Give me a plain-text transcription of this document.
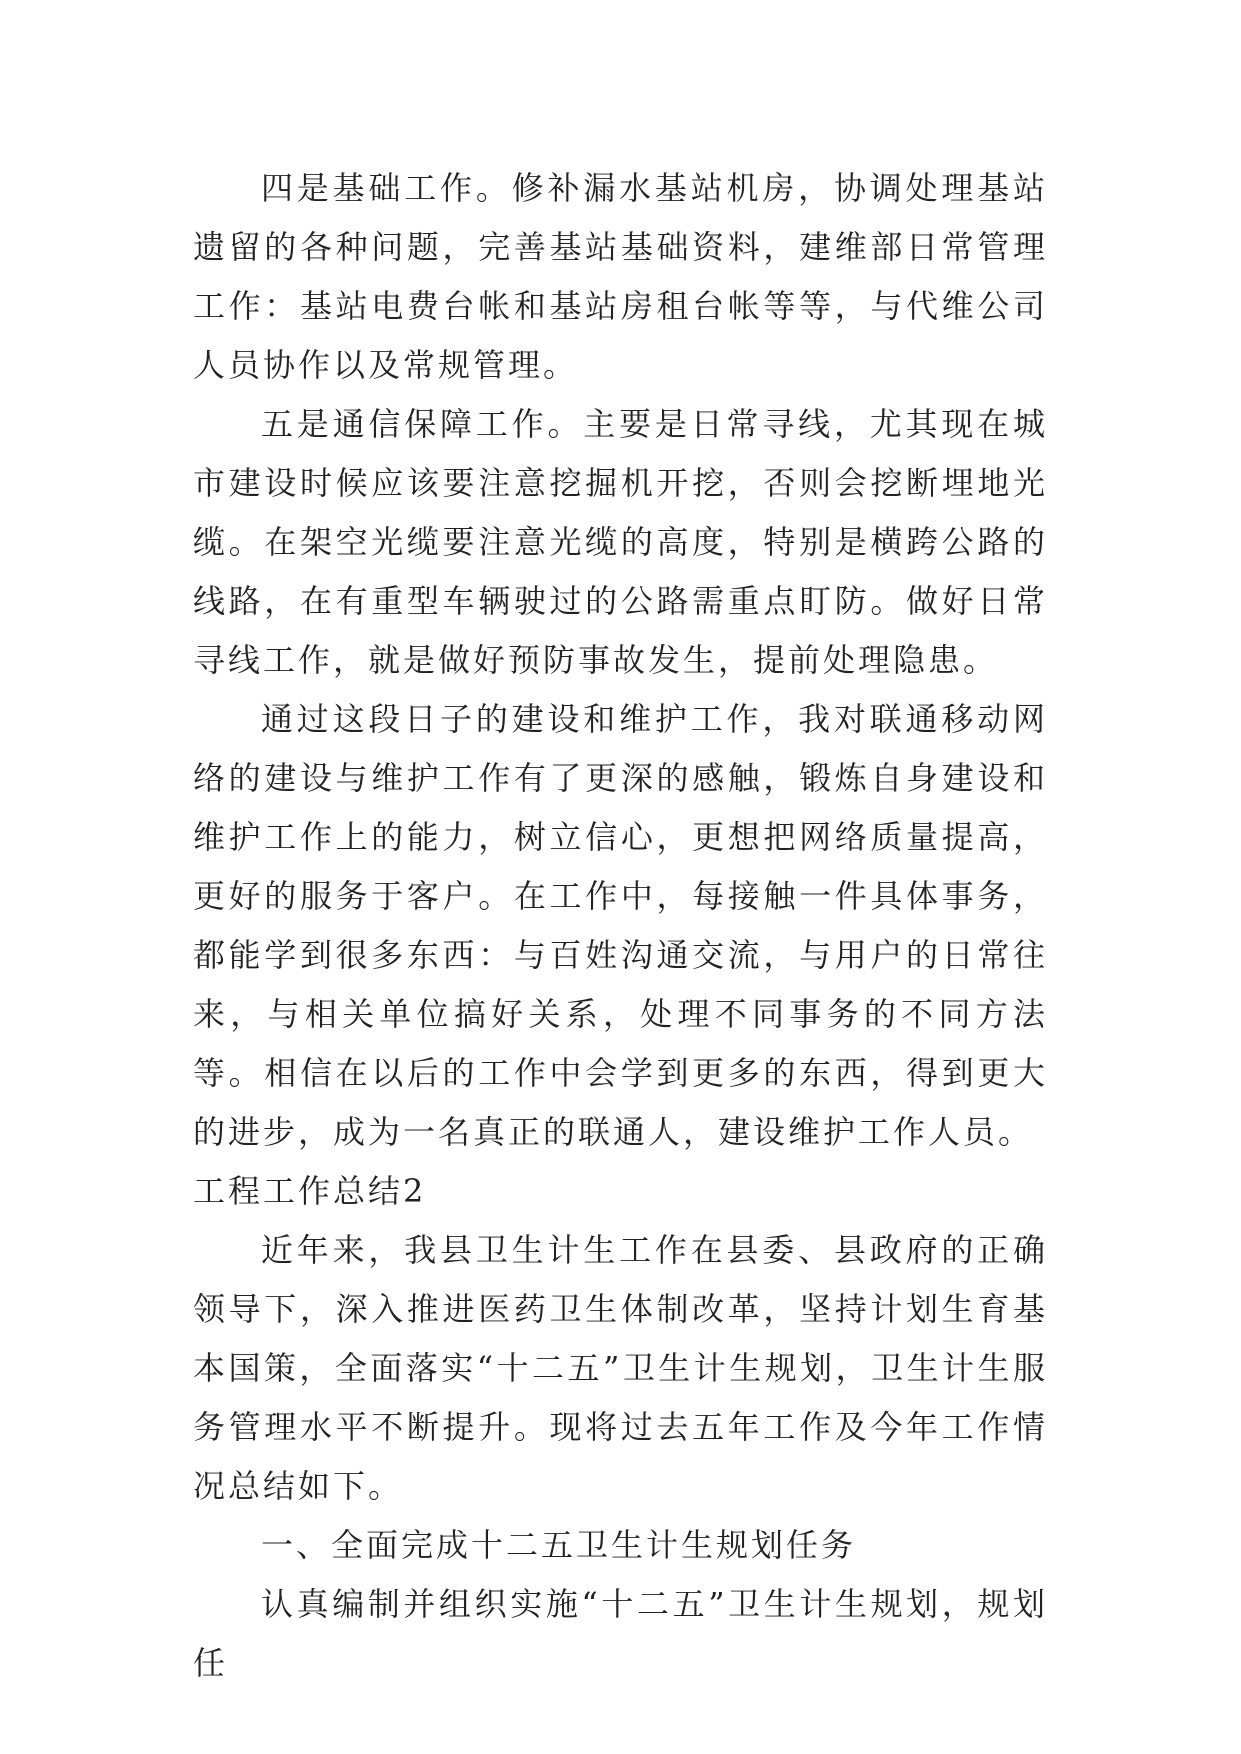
四是基础工作。修补漏水基站机房，协调处理基站遗留的各种问题，完善基站基础资料，建维部日常管理工作：基站电费台帐和基站房租台帐等等，与代维公司人员协作以及常规管理。

五是通信保障工作。主要是日常寻线，尤其现在城市建设时候应该要注意挖掘机开挖，否则会挖断埋地光缆。在架空光缆要注意光缆的高度，特别是横跨公路的线路，在有重型车辆驶过的公路需重点盯防。做好日常寻线工作，就是做好预防事故发生，提前处理隐患。

通过这段日子的建设和维护工作，我对联通移动网络的建设与维护工作有了更深的感触，锻炼自身建设和维护工作上的能力，树立信心，更想把网络质量提高，更好的服务于客户。在工作中，每接触一件具体事务，都能学到很多东西：与百姓沟通交流，与用户的日常往来，与相关单位搞好关系，处理不同事务的不同方法等。相信在以后的工作中会学到更多的东西，得到更大的进步，成为一名真正的联通人，建设维护工作人员。

工程工作总结2

近年来，我县卫生计生工作在县委、县政府的正确领导下，深入推进医药卫生体制改革，坚持计划生育基本国策，全面落实“十二五”卫生计生规划，卫生计生服务管理水平不断提升。现将过去五年工作及今年工作情况总结如下。

一、全面完成十二五卫生计生规划任务

认真编制并组织实施“十二五”卫生计生规划，规划任
